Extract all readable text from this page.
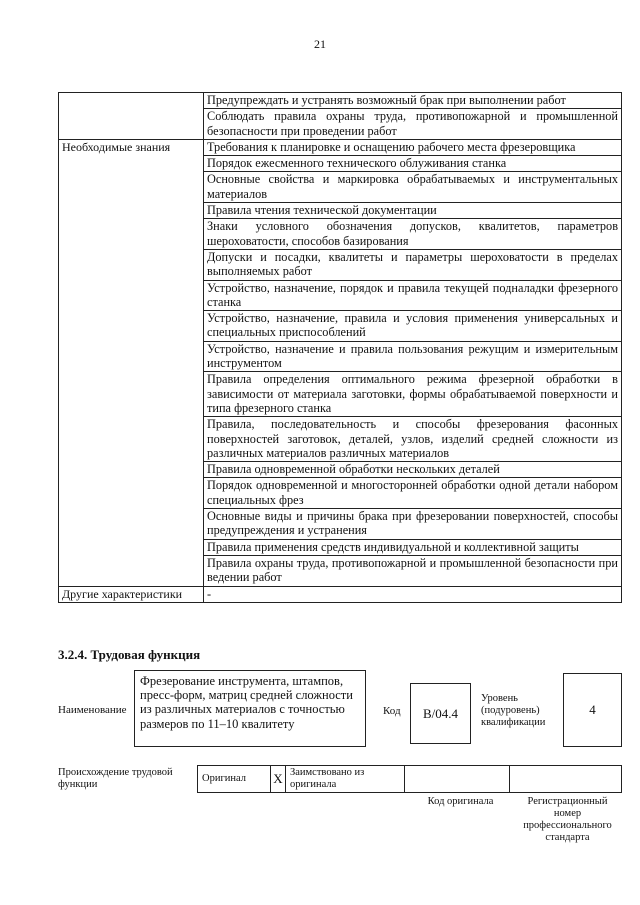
21
	Предупреждать и устранять возможный брак при выполнении работ
	Соблюдать правила охраны труда, противопожарной и промышленной безопасности при проведении работ
Необходимые знания	Требования к планировке и оснащению рабочего места фрезеровщика
	Порядок ежесменного технического облуживания станка
	Основные свойства и маркировка обрабатываемых и инструментальных материалов
	Правила чтения технической документации
	Знаки условного обозначения допусков, квалитетов, параметров шероховатости, способов базирования
	Допуски и посадки, квалитеты и параметры шероховатости в пределах выполняемых работ
	Устройство, назначение, порядок и правила текущей подналадки фрезерного станка
	Устройство, назначение, правила и условия применения универсальных и специальных приспособлений
	Устройство, назначение и правила пользования режущим и измерительным инструментом
	Правила определения оптимального режима фрезерной обработки в зависимости от материала заготовки, формы обрабатываемой поверхности и типа фрезерного станка
	Правила, последовательность и способы фрезерования фасонных поверхностей заготовок, деталей, узлов, изделий средней сложности из различных материалов различных материалов
	Правила одновременной обработки нескольких деталей
	Порядок одновременной и многосторонней обработки одной детали набором специальных фрез
	Основные виды и причины брака при фрезеровании поверхностей, способы предупреждения и устранения
	Правила применения средств индивидуальной и коллективной защиты
	Правила охраны труда, противопожарной и промышленной безопасности при ведении работ
Другие характеристики	-
3.2.4. Трудовая функция
Наименование
Фрезерование инструмента, штампов, пресс-форм, матриц средней сложности из различных материалов с точностью размеров по 11–10 квалитету
Код В/04.4
Уровень (подуровень) квалификации
4
Происхождение трудовой функции
Оригинал	X	Заимствовано из оригинала		
Код оригинала	Регистрационный номер профессионального стандарта
